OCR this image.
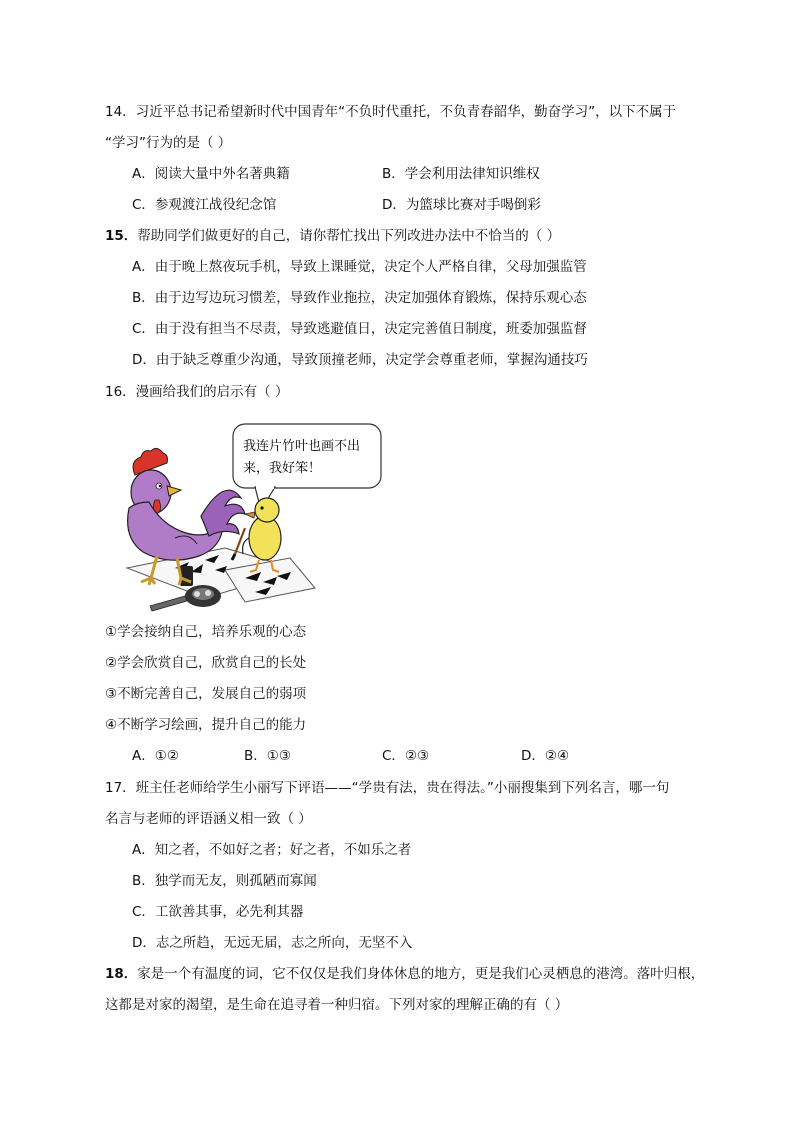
14．习近平总书记希望新时代中国青年“不负时代重托，不负青春韶华，勤奋学习”，以下不属于
“学习”行为的是（ ）
A．阅读大量中外名著典籍	B．学会利用法律知识维权
C．参观渡江战役纪念馆	D．为篮球比赛对手喝倒彩
15．帮助同学们做更好的自己，请你帮忙找出下列改进办法中不恰当的（ ）
A．由于晚上熬夜玩手机，导致上课睡觉，决定个人严格自律，父母加强监管
B．由于边写边玩习惯差，导致作业拖拉，决定加强体育锻炼，保持乐观心态
C．由于没有担当不尽责，导致逃避值日，决定完善值日制度，班委加强监督
D．由于缺乏尊重少沟通，导致顶撞老师，决定学会尊重老师，掌握沟通技巧
16．漫画给我们的启示有（ ）
我连片竹叶也画不出
来，我好笨！
①学会接纳自己，培养乐观的心态
②学会欣赏自己，欣赏自己的长处
③不断完善自己，发展自己的弱项
④不断学习绘画，提升自己的能力
A．①②	B．①③	C．②③	D．②④
17．班主任老师给学生小丽写下评语——“学贵有法，贵在得法。”小丽搜集到下列名言，哪一句
名言与老师的评语涵义相一致（ ）
A．知之者，不如好之者；好之者，不如乐之者
B．独学而无友，则孤陋而寡闻
C．工欲善其事，必先利其器
D．志之所趋，无远无届，志之所向，无坚不入
18．家是一个有温度的词，它不仅仅是我们身体休息的地方，更是我们心灵栖息的港湾。落叶归根，
这都是对家的渴望，是生命在追寻着一种归宿。下列对家的理解正确的有（ ）
